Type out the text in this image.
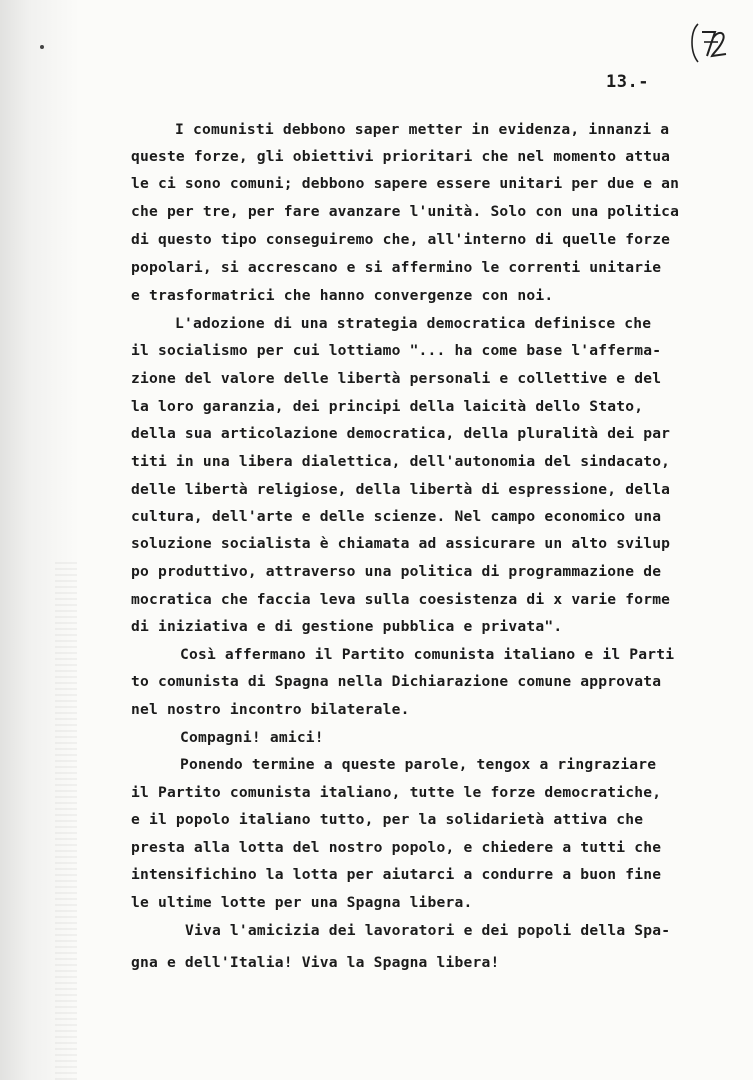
13.-
I comunisti debbono saper metter in evidenza, innanzi a
queste forze, gli obiettivi prioritari che nel momento attua
le ci sono comuni; debbono sapere essere unitari per due e an
che per tre, per fare avanzare l'unità. Solo con una politica
di questo tipo conseguiremo che, all'interno di quelle forze
popolari, si accrescano e si affermino le correnti unitarie
e trasformatrici che hanno convergenze con noi.
L'adozione di una strategia democratica definisce che
il socialismo per cui lottiamo "... ha come base l'afferma-
zione del valore delle libertà personali e collettive e del
la loro garanzia, dei principi della laicità dello Stato,
della sua articolazione democratica, della pluralità dei par
titi in una libera dialettica, dell'autonomia del sindacato,
delle libertà religiose, della libertà di espressione, della
cultura, dell'arte e delle scienze. Nel campo economico una
soluzione socialista è chiamata ad assicurare un alto svilup
po produttivo, attraverso una politica di programmazione de
mocratica che faccia leva sulla coesistenza di x varie forme
di iniziativa e di gestione pubblica e privata".
Così affermano il Partito comunista italiano e il Parti
to comunista di Spagna nella Dichiarazione comune approvata
nel nostro incontro bilaterale.
Compagni! amici!
Ponendo termine a queste parole, tengox a ringraziare
il Partito comunista italiano, tutte le forze democratiche,
e il popolo italiano tutto, per la solidarietà attiva che
presta alla lotta del nostro popolo, e chiedere a tutti che
intensifichino la lotta per aiutarci a condurre a buon fine
le ultime lotte per una Spagna libera.
Viva l'amicizia dei lavoratori e dei popoli della Spa-
gna e dell'Italia! Viva la Spagna libera!
